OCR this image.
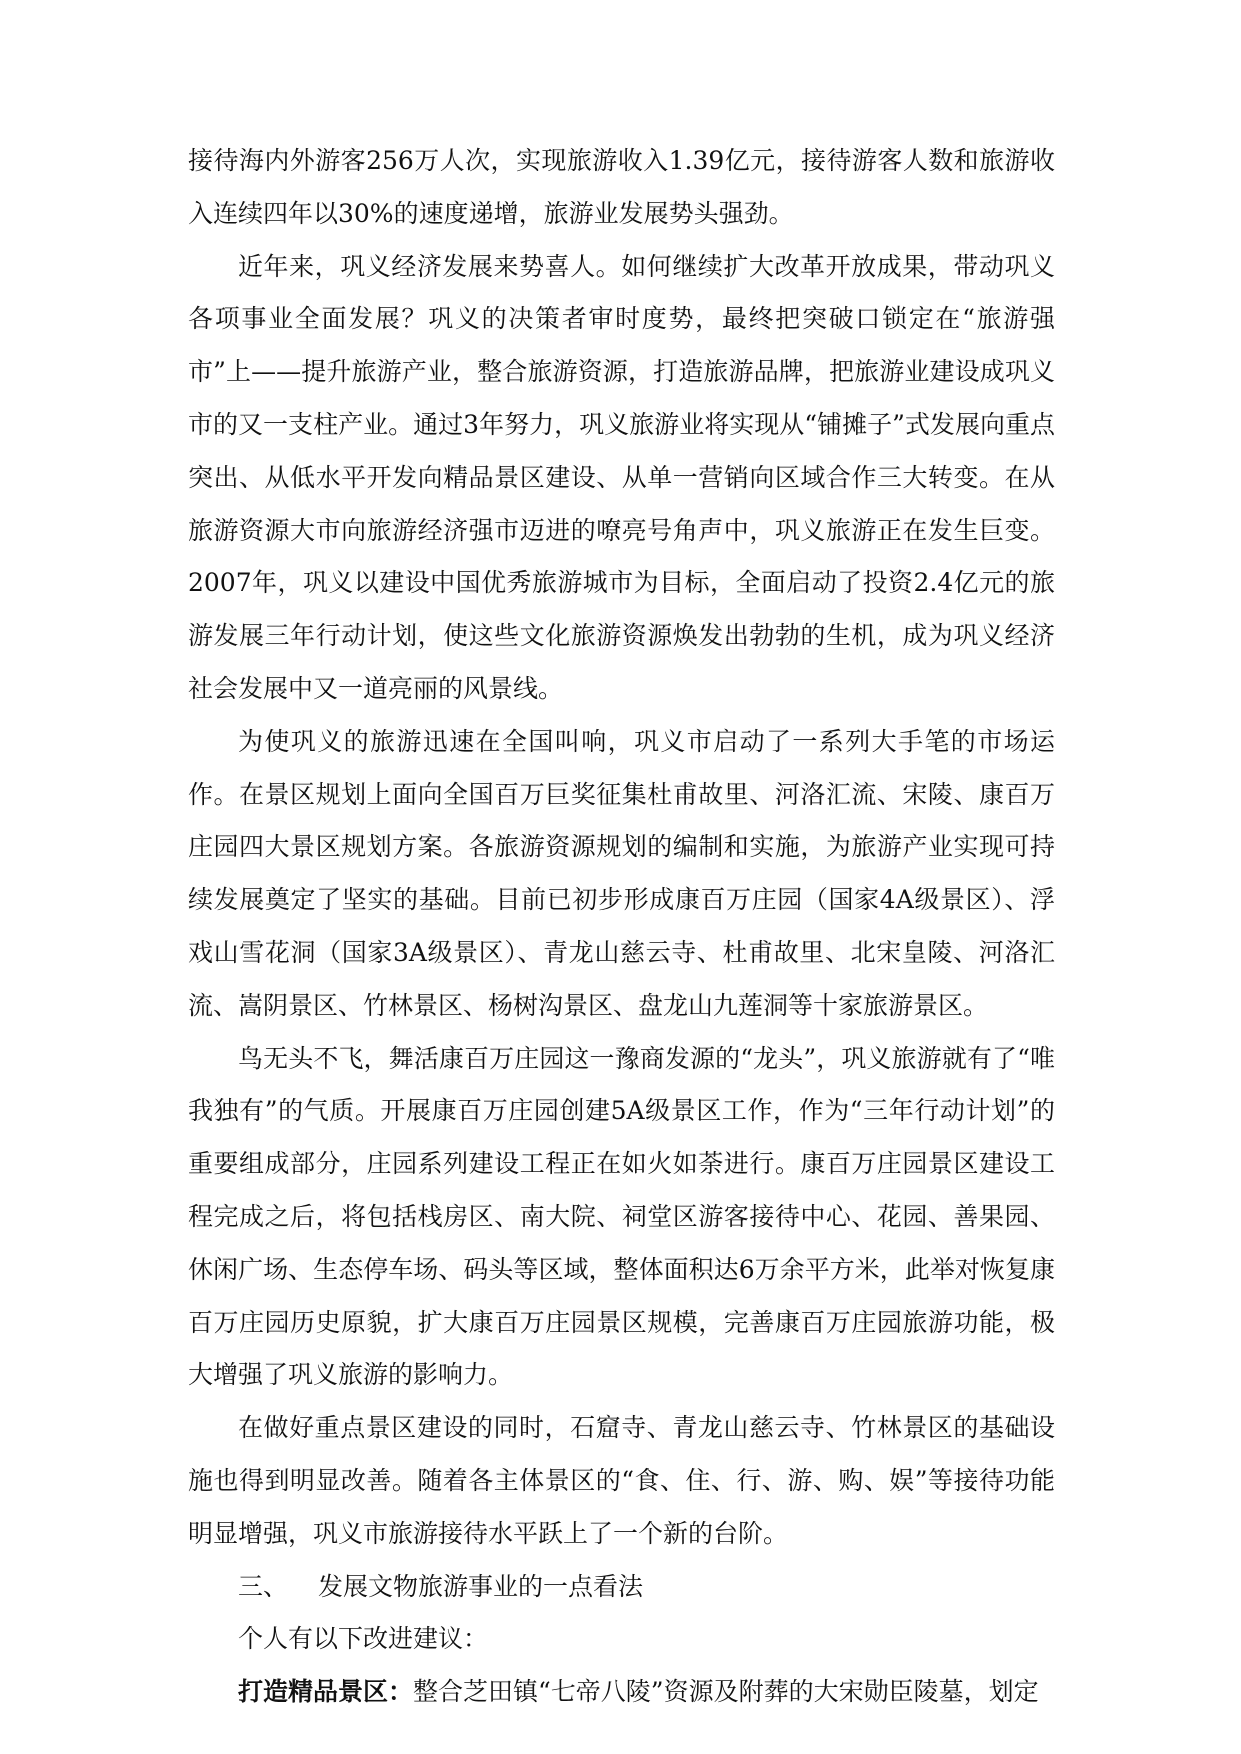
接待海内外游客256万人次，实现旅游收入1.39亿元，接待游客人数和旅游收入连续四年以30%的速度递增，旅游业发展势头强劲。

近年来，巩义经济发展来势喜人。如何继续扩大改革开放成果，带动巩义各项事业全面发展？巩义的决策者审时度势，最终把突破口锁定在“旅游强市”上——提升旅游产业，整合旅游资源，打造旅游品牌，把旅游业建设成巩义市的又一支柱产业。通过3年努力，巩义旅游业将实现从“铺摊子”式发展向重点突出、从低水平开发向精品景区建设、从单一营销向区域合作三大转变。在从旅游资源大市向旅游经济强市迈进的嘹亮号角声中，巩义旅游正在发生巨变。 2007年，巩义以建设中国优秀旅游城市为目标，全面启动了投资2.4亿元的旅游发展三年行动计划，使这些文化旅游资源焕发出勃勃的生机，成为巩义经济社会发展中又一道亮丽的风景线。

为使巩义的旅游迅速在全国叫响，巩义市启动了一系列大手笔的市场运作。在景区规划上面向全国百万巨奖征集杜甫故里、河洛汇流、宋陵、康百万庄园四大景区规划方案。各旅游资源规划的编制和实施，为旅游产业实现可持续发展奠定了坚实的基础。目前已初步形成康百万庄园（国家4A级景区）、浮戏山雪花洞（国家3A级景区）、青龙山慈云寺、杜甫故里、北宋皇陵、河洛汇流、嵩阴景区、竹林景区、杨树沟景区、盘龙山九莲洞等十家旅游景区。

鸟无头不飞，舞活康百万庄园这一豫商发源的“龙头”，巩义旅游就有了“唯我独有”的气质。开展康百万庄园创建5A级景区工作，作为“三年行动计划”的重要组成部分，庄园系列建设工程正在如火如荼进行。康百万庄园景区建设工程完成之后，将包括栈房区、南大院、祠堂区游客接待中心、花园、善果园、休闲广场、生态停车场、码头等区域，整体面积达6万余平方米，此举对恢复康百万庄园历史原貌，扩大康百万庄园景区规模，完善康百万庄园旅游功能，极大增强了巩义旅游的影响力。

在做好重点景区建设的同时，石窟寺、青龙山慈云寺、竹林景区的基础设施也得到明显改善。随着各主体景区的“食、住、行、游、购、娱”等接待功能明显增强，巩义市旅游接待水平跃上了一个新的台阶。

三、 发展文物旅游事业的一点看法

个人有以下改进建议：

打造精品景区：整合芝田镇“七帝八陵”资源及附葬的大宋勋臣陵墓，划定
